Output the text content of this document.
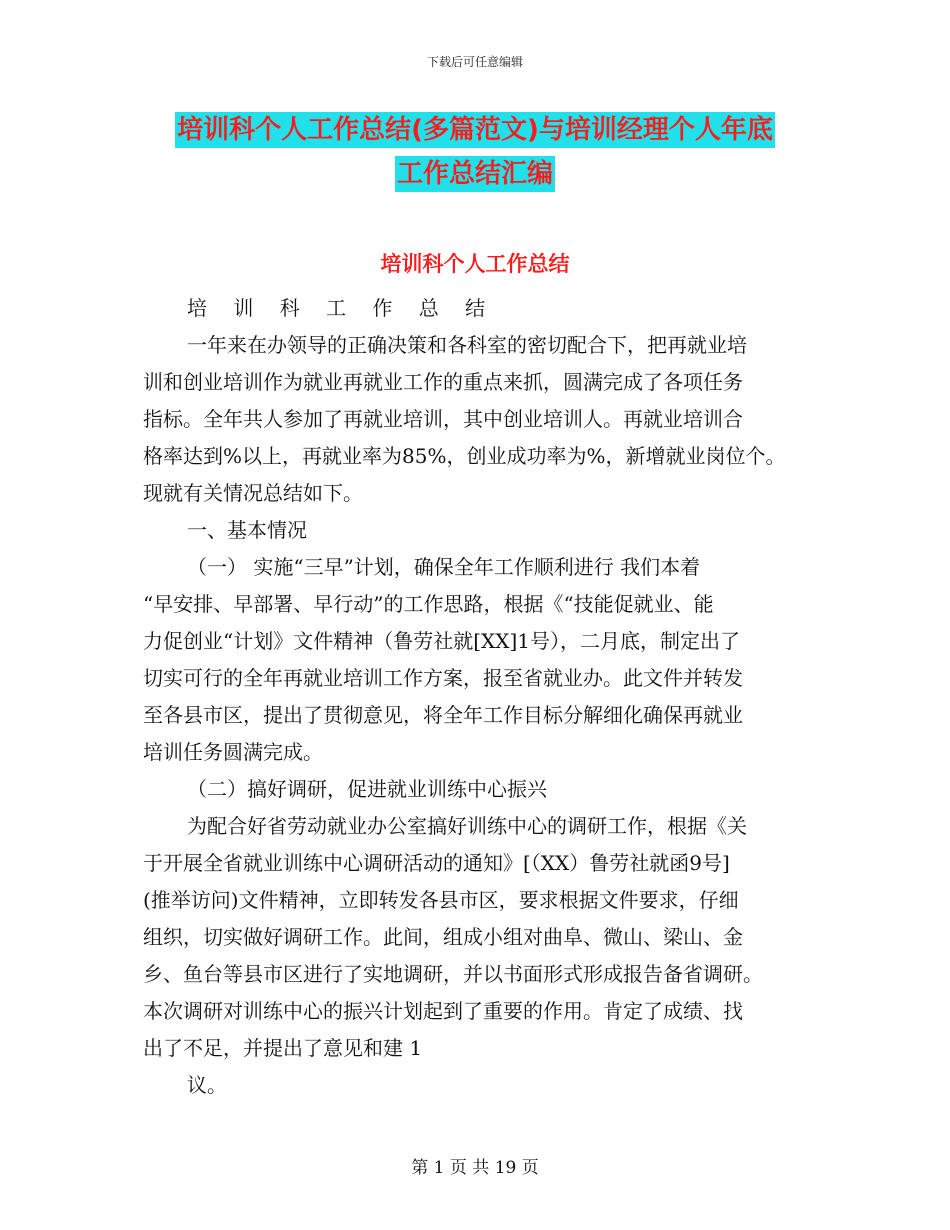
下载后可任意编辑
培训科个人工作总结(多篇范文)与培训经理个人年底
工作总结汇编
培训科个人工作总结
培 训 科 工 作 总 结
一年来在办领导的正确决策和各科室的密切配合下，把再就业培
训和创业培训作为就业再就业工作的重点来抓，圆满完成了各项任务
指标。全年共人参加了再就业培训，其中创业培训人。再就业培训合
格率达到%以上，再就业率为85%，创业成功率为%，新增就业岗位个。
现就有关情况总结如下。
一、基本情况
（一） 实施“三早”计划，确保全年工作顺利进行 我们本着
“早安排、早部署、早行动”的工作思路，根据《“技能促就业、能
力促创业“计划》文件精神（鲁劳社就[XX]1号），二月底，制定出了
切实可行的全年再就业培训工作方案，报至省就业办。此文件并转发
至各县市区，提出了贯彻意见，将全年工作目标分解细化确保再就业
培训任务圆满完成。
（二）搞好调研，促进就业训练中心振兴
为配合好省劳动就业办公室搞好训练中心的调研工作，根据《关
于开展全省就业训练中心调研活动的通知》[（XX）鲁劳社就函9号]
(推举访问)文件精神，立即转发各县市区，要求根据文件要求，仔细
组织，切实做好调研工作。此间，组成小组对曲阜、微山、梁山、金
乡、鱼台等县市区进行了实地调研，并以书面形式形成报告备省调研。
本次调研对训练中心的振兴计划起到了重要的作用。肯定了成绩、找
出了不足，并提出了意见和建 1
议。
第 1 页 共 19 页
